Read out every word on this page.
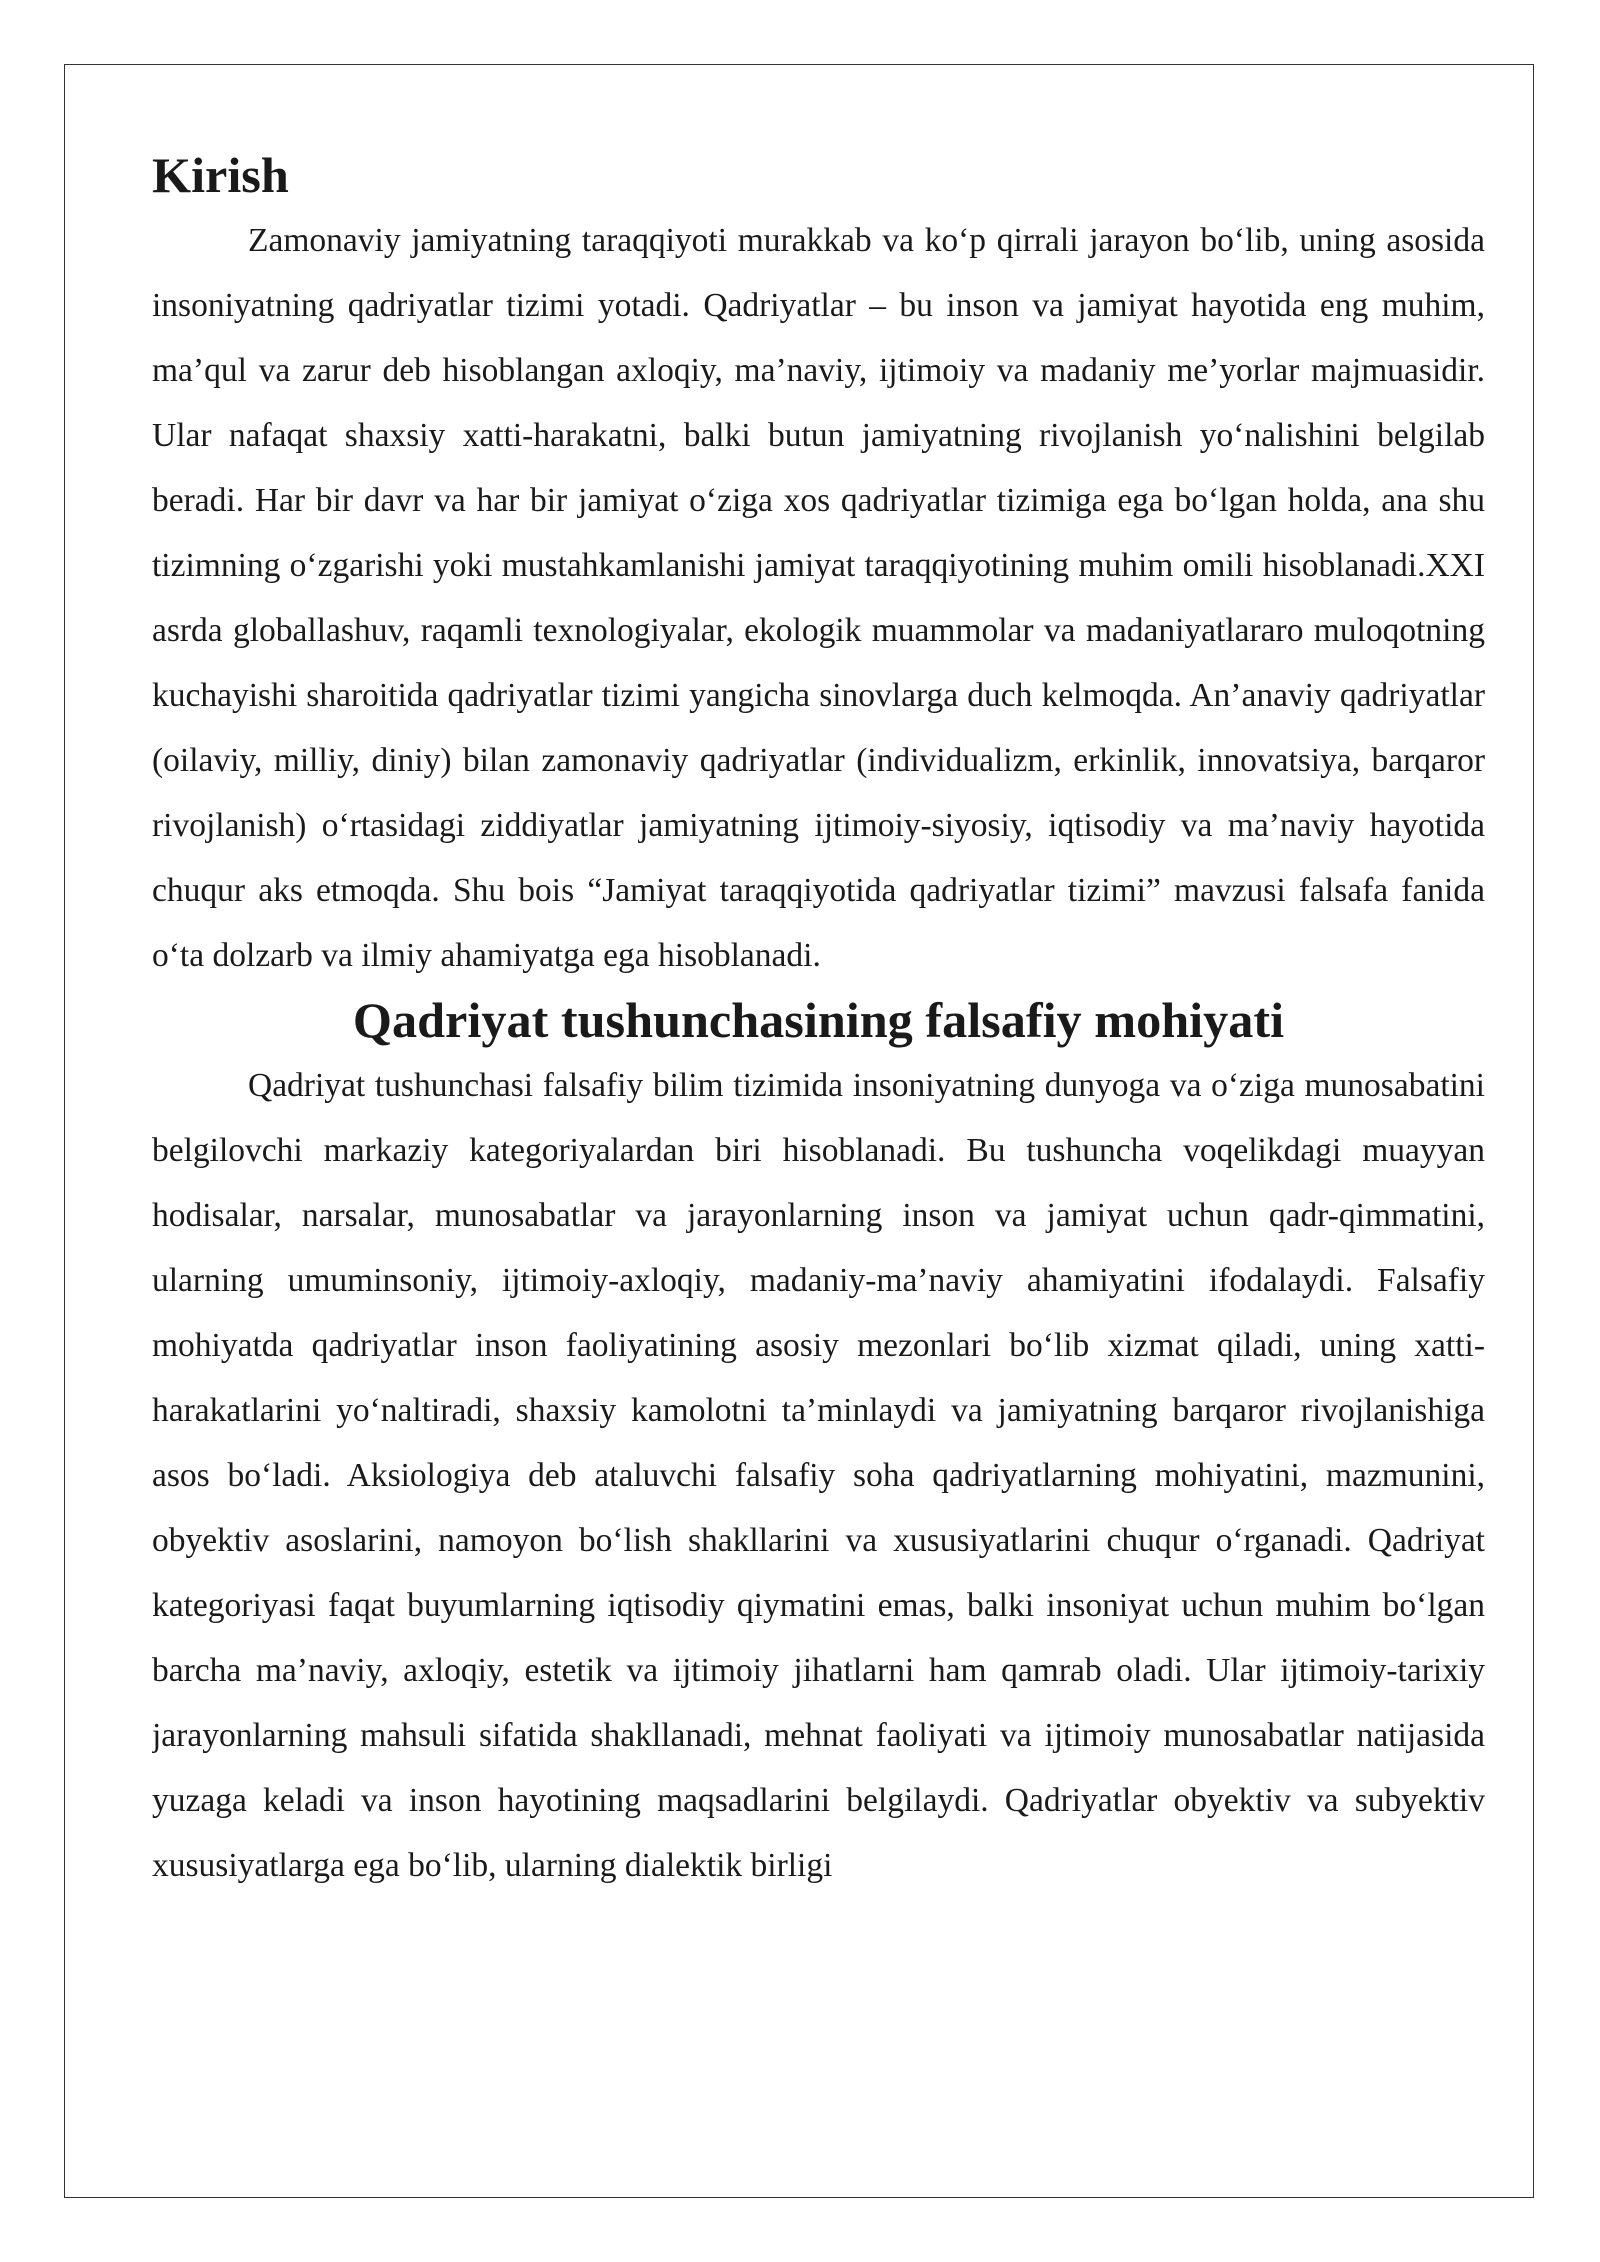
Kirish

Zamonaviy jamiyatning taraqqiyoti murakkab va ko‘p qirrali jarayon bo‘lib, uning asosida insoniyatning qadriyatlar tizimi yotadi. Qadriyatlar – bu inson va jamiyat hayotida eng muhim, ma’qul va zarur deb hisoblangan axloqiy, ma’naviy, ijtimoiy va madaniy me’yorlar majmuasidir. Ular nafaqat shaxsiy xatti-harakatni, balki butun jamiyatning rivojlanish yo‘nalishini belgilab beradi. Har bir davr va har bir jamiyat o‘ziga xos qadriyatlar tizimiga ega bo‘lgan holda, ana shu tizimning o‘zgarishi yoki mustahkamlanishi jamiyat taraqqiyotining muhim omili hisoblanadi.XXI asrda globallashuv, raqamli texnologiyalar, ekologik muammolar va madaniyatlararo muloqotning kuchayishi sharoitida qadriyatlar tizimi yangicha sinovlarga duch kelmoqda. An’anaviy qadriyatlar (oilaviy, milliy, diniy) bilan zamonaviy qadriyatlar (individualizm, erkinlik, innovatsiya, barqaror rivojlanish) o‘rtasidagi ziddiyatlar jamiyatning ijtimoiy-siyosiy, iqtisodiy va ma’naviy hayotida chuqur aks etmoqda. Shu bois “Jamiyat taraqqiyotida qadriyatlar tizimi” mavzusi falsafa fanida o‘ta dolzarb va ilmiy ahamiyatga ega hisoblanadi.

Qadriyat tushunchasining falsafiy mohiyati

Qadriyat tushunchasi falsafiy bilim tizimida insoniyatning dunyoga va o‘ziga munosabatini belgilovchi markaziy kategoriyalardan biri hisoblanadi. Bu tushuncha voqelikdagi muayyan hodisalar, narsalar, munosabatlar va jarayonlarning inson va jamiyat uchun qadr-qimmatini, ularning umuminsoniy, ijtimoiy-axloqiy, madaniy-ma’naviy ahamiyatini ifodalaydi. Falsafiy mohiyatda qadriyatlar inson faoliyatining asosiy mezonlari bo‘lib xizmat qiladi, uning xatti-harakatlarini yo‘naltiradi, shaxsiy kamolotni ta’minlaydi va jamiyatning barqaror rivojlanishiga asos bo‘ladi. Aksiologiya deb ataluvchi falsafiy soha qadriyatlarning mohiyatini, mazmunini, obyektiv asoslarini, namoyon bo‘lish shakllarini va xususiyatlarini chuqur o‘rganadi. Qadriyat kategoriyasi faqat buyumlarning iqtisodiy qiymatini emas, balki insoniyat uchun muhim bo‘lgan barcha ma’naviy, axloqiy, estetik va ijtimoiy jihatlarni ham qamrab oladi. Ular ijtimoiy-tarixiy jarayonlarning mahsuli sifatida shakllanadi, mehnat faoliyati va ijtimoiy munosabatlar natijasida yuzaga keladi va inson hayotining maqsadlarini belgilaydi. Qadriyatlar obyektiv va subyektiv xususiyatlarga ega bo‘lib, ularning dialektik birligi
